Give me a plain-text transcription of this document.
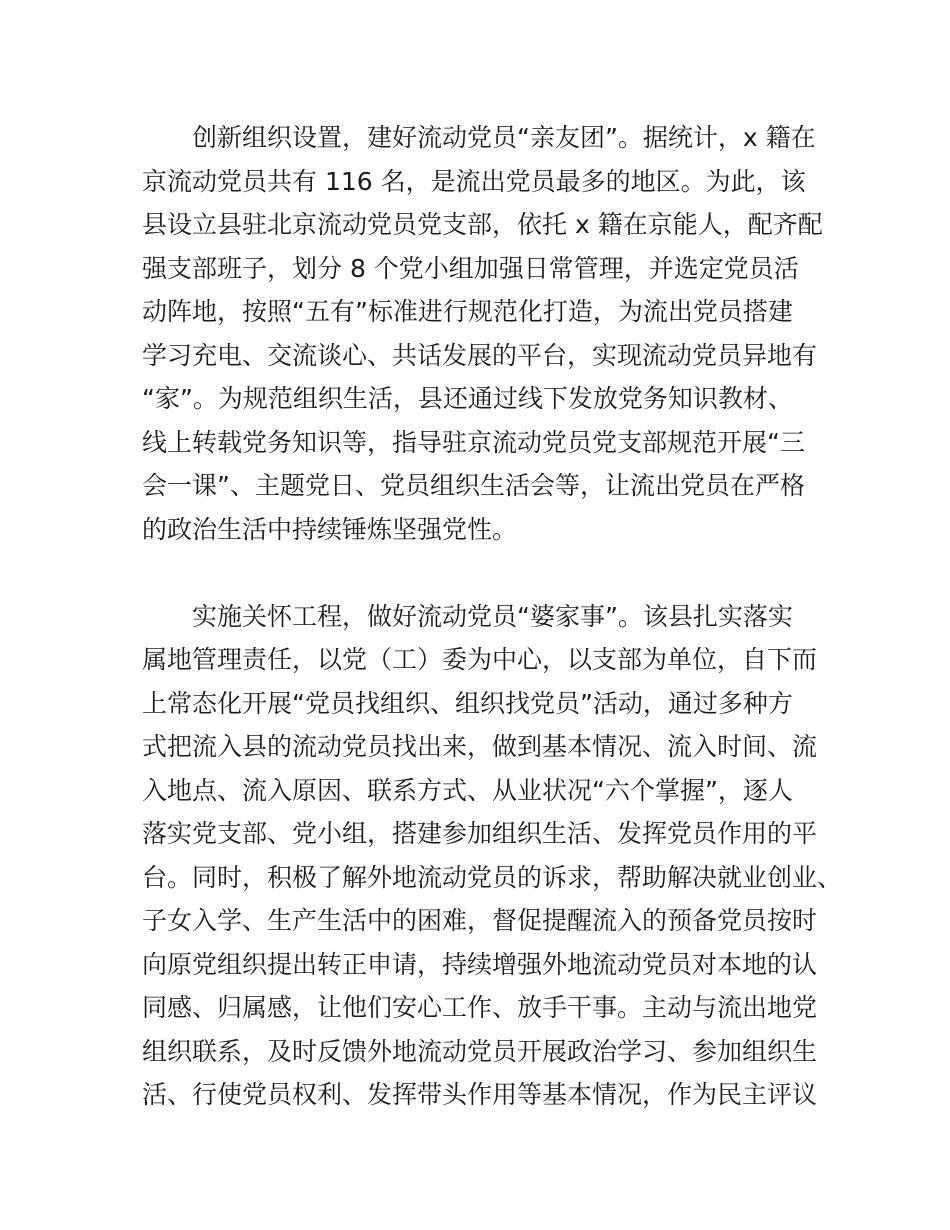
创新组织设置，建好流动党员“亲友团”。据统计，x 籍在
京流动党员共有 116 名，是流出党员最多的地区。为此，该
县设立县驻北京流动党员党支部，依托 x 籍在京能人，配齐配
强支部班子，划分 8 个党小组加强日常管理，并选定党员活
动阵地，按照“五有”标准进行规范化打造，为流出党员搭建
学习充电、交流谈心、共话发展的平台，实现流动党员异地有
“家”。为规范组织生活，县还通过线下发放党务知识教材、
线上转载党务知识等，指导驻京流动党员党支部规范开展“三
会一课”、主题党日、党员组织生活会等，让流出党员在严格
的政治生活中持续锤炼坚强党性。

实施关怀工程，做好流动党员“婆家事”。该县扎实落实
属地管理责任，以党（工）委为中心，以支部为单位，自下而
上常态化开展“党员找组织、组织找党员”活动，通过多种方
式把流入县的流动党员找出来，做到基本情况、流入时间、流
入地点、流入原因、联系方式、从业状况“六个掌握”，逐人
落实党支部、党小组，搭建参加组织生活、发挥党员作用的平
台。同时，积极了解外地流动党员的诉求，帮助解决就业创业、
子女入学、生产生活中的困难，督促提醒流入的预备党员按时
向原党组织提出转正申请，持续增强外地流动党员对本地的认
同感、归属感，让他们安心工作、放手干事。主动与流出地党
组织联系，及时反馈外地流动党员开展政治学习、参加组织生
活、行使党员权利、发挥带头作用等基本情况，作为民主评议
